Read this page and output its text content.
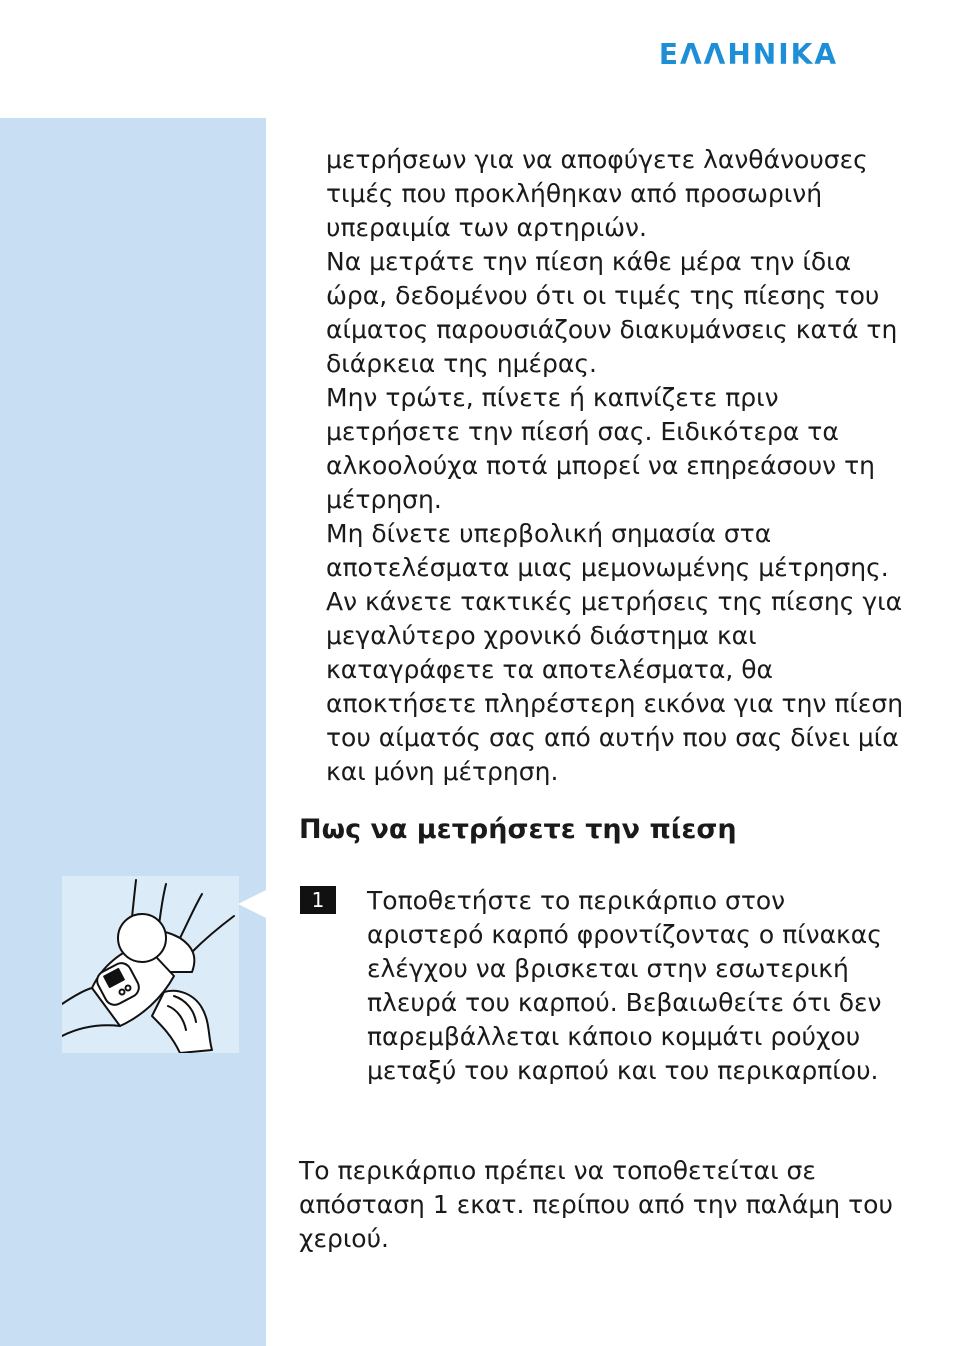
ΕΛΛΗΝΙΚΑ
μετρήσεων για να αποφύγετε λανθάνουσες τιμές που προκλήθηκαν από προσωρινή υπεραιμία των αρτηριών.
Να μετράτε την πίεση κάθε μέρα την ίδια ώρα, δεδομένου ότι οι τιμές της πίεσης του αίματος παρουσιάζουν διακυμάνσεις κατά τη διάρκεια της ημέρας.
Μην τρώτε, πίνετε ή καπνίζετε πριν μετρήσετε την πίεσή σας. Ειδικότερα τα αλκοολούχα ποτά μπορεί να επηρεάσουν τη μέτρηση.
Μη δίνετε υπερβολική σημασία στα αποτελέσματα μιας μεμονωμένης μέτρησης. Αν κάνετε τακτικές μετρήσεις της πίεσης για μεγαλύτερο χρονικό διάστημα και καταγράφετε τα αποτελέσματα, θα αποκτήσετε πληρέστερη εικόνα για την πίεση του αίματός σας από αυτήν που σας δίνει μία και μόνη μέτρηση.
Πως να μετρήσετε την πίεση
1	Τοποθετήστε το περικάρπιο στον αριστερό καρπό φροντίζοντας ο πίνακας ελέγχου να βρισκεται στην εσωτερική πλευρά του καρπού. Βεβαιωθείτε ότι δεν παρεμβάλλεται κάποιο κομμάτι ρούχου μεταξύ του καρπού και του περικαρπίου.
Το περικάρπιο πρέπει να τοποθετείται σε απόσταση 1 εκατ. περίπου από την παλάμη του χεριού.
